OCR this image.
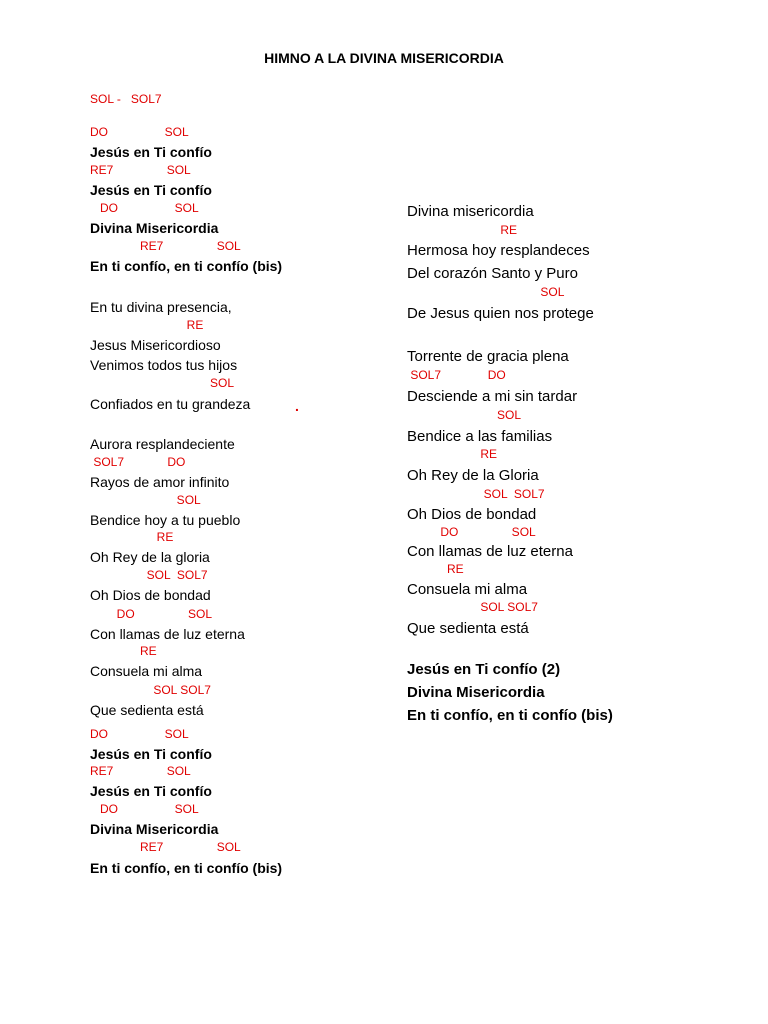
HIMNO A LA DIVINA MISERICORDIA
SOL -   SOL7
DO                 SOL
Jesús en Ti confío
RE7                SOL
Jesús en Ti confío
DO                 SOL
Divina Misericordia
RE7                SOL
En ti confío, en ti confío (bis)
En tu divina presencia,
RE
Jesus Misericordioso
Venimos todos tus hijos
SOL
Confiados en tu grandeza
Aurora resplandeciente
SOL7             DO
Rayos de amor infinito
SOL
Bendice hoy a tu pueblo
RE
Oh Rey de la gloria
SOL  SOL7
Oh Dios de bondad
DO                SOL
Con llamas de luz eterna
RE
Consuela mi alma
SOL SOL7
Que sedienta está
DO                 SOL
Jesús en Ti confío
RE7                SOL
Jesús en Ti confío
DO                 SOL
Divina Misericordia
RE7                SOL
En ti confío, en ti confío (bis)
Divina misericordia
RE
Hermosa hoy resplandeces
Del corazón Santo y Puro
SOL
De Jesus quien nos protege
Torrente de gracia plena
SOL7              DO
Desciende a mi sin tardar
SOL
Bendice a las familias
RE
Oh Rey de la Gloria
SOL  SOL7
Oh Dios de bondad
DO                SOL
Con llamas de luz eterna
RE
Consuela mi alma
SOL SOL7
Que sedienta está
Jesús en Ti confío (2)
Divina Misericordia
En ti confío, en ti confío (bis)
.
